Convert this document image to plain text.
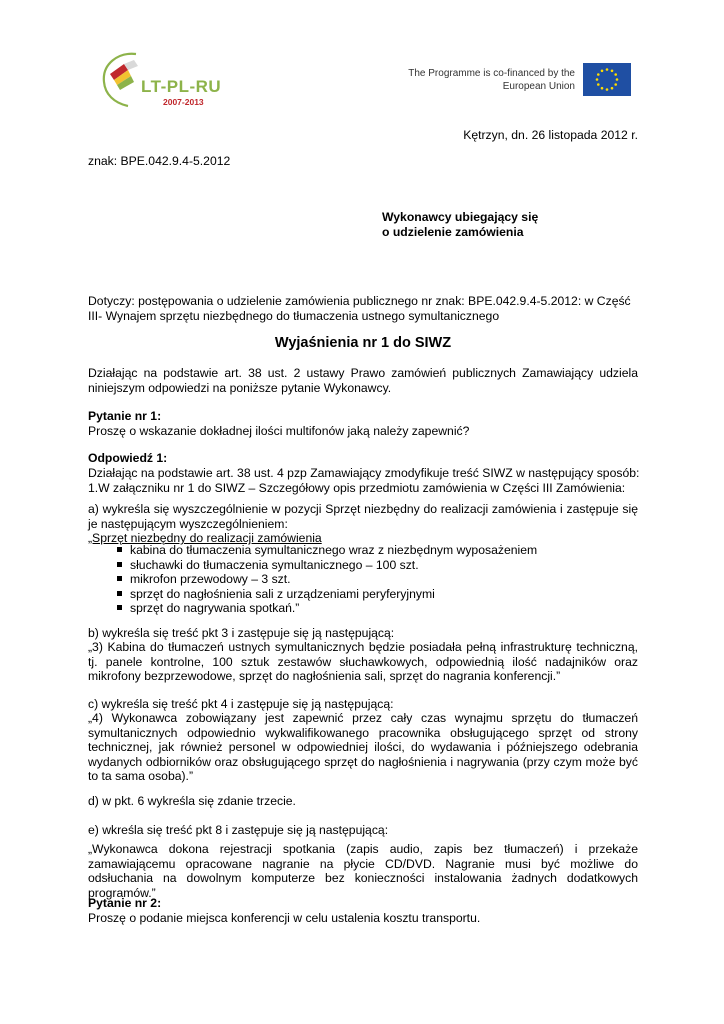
LT-PL-RU
2007-2013
The Programme is co-financed by the
European Union
Kętrzyn, dn. 26 listopada 2012 r.
znak: BPE.042.9.4-5.2012
Wykonawcy ubiegający się
o udzielenie zamówienia
Dotyczy: postępowania o udzielenie zamówienia publicznego nr znak: BPE.042.9.4-5.2012: w Część
III- Wynajem sprzętu niezbędnego do tłumaczenia ustnego symultanicznego
Wyjaśnienia nr 1 do SIWZ

Działając na podstawie art. 38 ust. 2 ustawy Prawo zamówień publicznych Zamawiający udziela niniejszym odpowiedzi na poniższe pytanie Wykonawcy.

Pytanie nr 1:
Proszę o wskazanie dokładnej ilości multifonów jaką należy zapewnić?
Odpowiedź 1:
Działając na podstawie art. 38 ust. 4 pzp Zamawiający zmodyfikuje treść SIWZ w następujący sposób:
1.W załączniku nr 1 do SIWZ – Szczegółowy opis przedmiotu zamówienia w Części III Zamówienia:

a) wykreśla się wyszczególnienie w pozycji Sprzęt niezbędny do realizacji zamówienia i zastępuje się je następującym wyszczególnieniem:

„Sprzęt niezbędny do realizacji zamówienia
kabina do tłumaczenia symultanicznego wraz z niezbędnym wyposażeniem
słuchawki do tłumaczenia symultanicznego – 100 szt.
mikrofon przewodowy – 3 szt.
sprzęt do nagłośnienia sali z urządzeniami peryferyjnymi
sprzęt do nagrywania spotkań.”
b) wykreśla się treść pkt 3 i zastępuje się ją następującą:

„3) Kabina do tłumaczeń ustnych symultanicznych będzie posiadała pełną infrastrukturę techniczną, tj. panele kontrolne, 100 sztuk zestawów słuchawkowych, odpowiednią ilość nadajników oraz mikrofony bezprzewodowe, sprzęt do nagłośnienia sali, sprzęt do nagrania konferencji.”

c) wykreśla się treść pkt 4 i zastępuje się ją następującą:

„4) Wykonawca zobowiązany jest zapewnić przez cały czas wynajmu sprzętu do tłumaczeń symultanicznych odpowiednio wykwalifikowanego pracownika obsługującego sprzęt od strony technicznej, jak również personel w odpowiedniej ilości, do wydawania i późniejszego odebrania wydanych odbiorników oraz obsługującego sprzęt do nagłośnienia i nagrywania (przy czym może być to ta sama osoba).”

d) w pkt. 6 wykreśla się zdanie trzecie.
e) wkreśla się treść pkt 8 i zastępuje się ją następującą:

„Wykonawca dokona rejestracji spotkania (zapis audio, zapis bez tłumaczeń) i przekaże zamawiającemu opracowane nagranie na płycie CD/DVD. Nagranie musi być możliwe do odsłuchania na dowolnym komputerze bez konieczności instalowania żadnych dodatkowych programów.”

Pytanie nr 2:
Proszę o podanie miejsca konferencji w celu ustalenia kosztu transportu.
